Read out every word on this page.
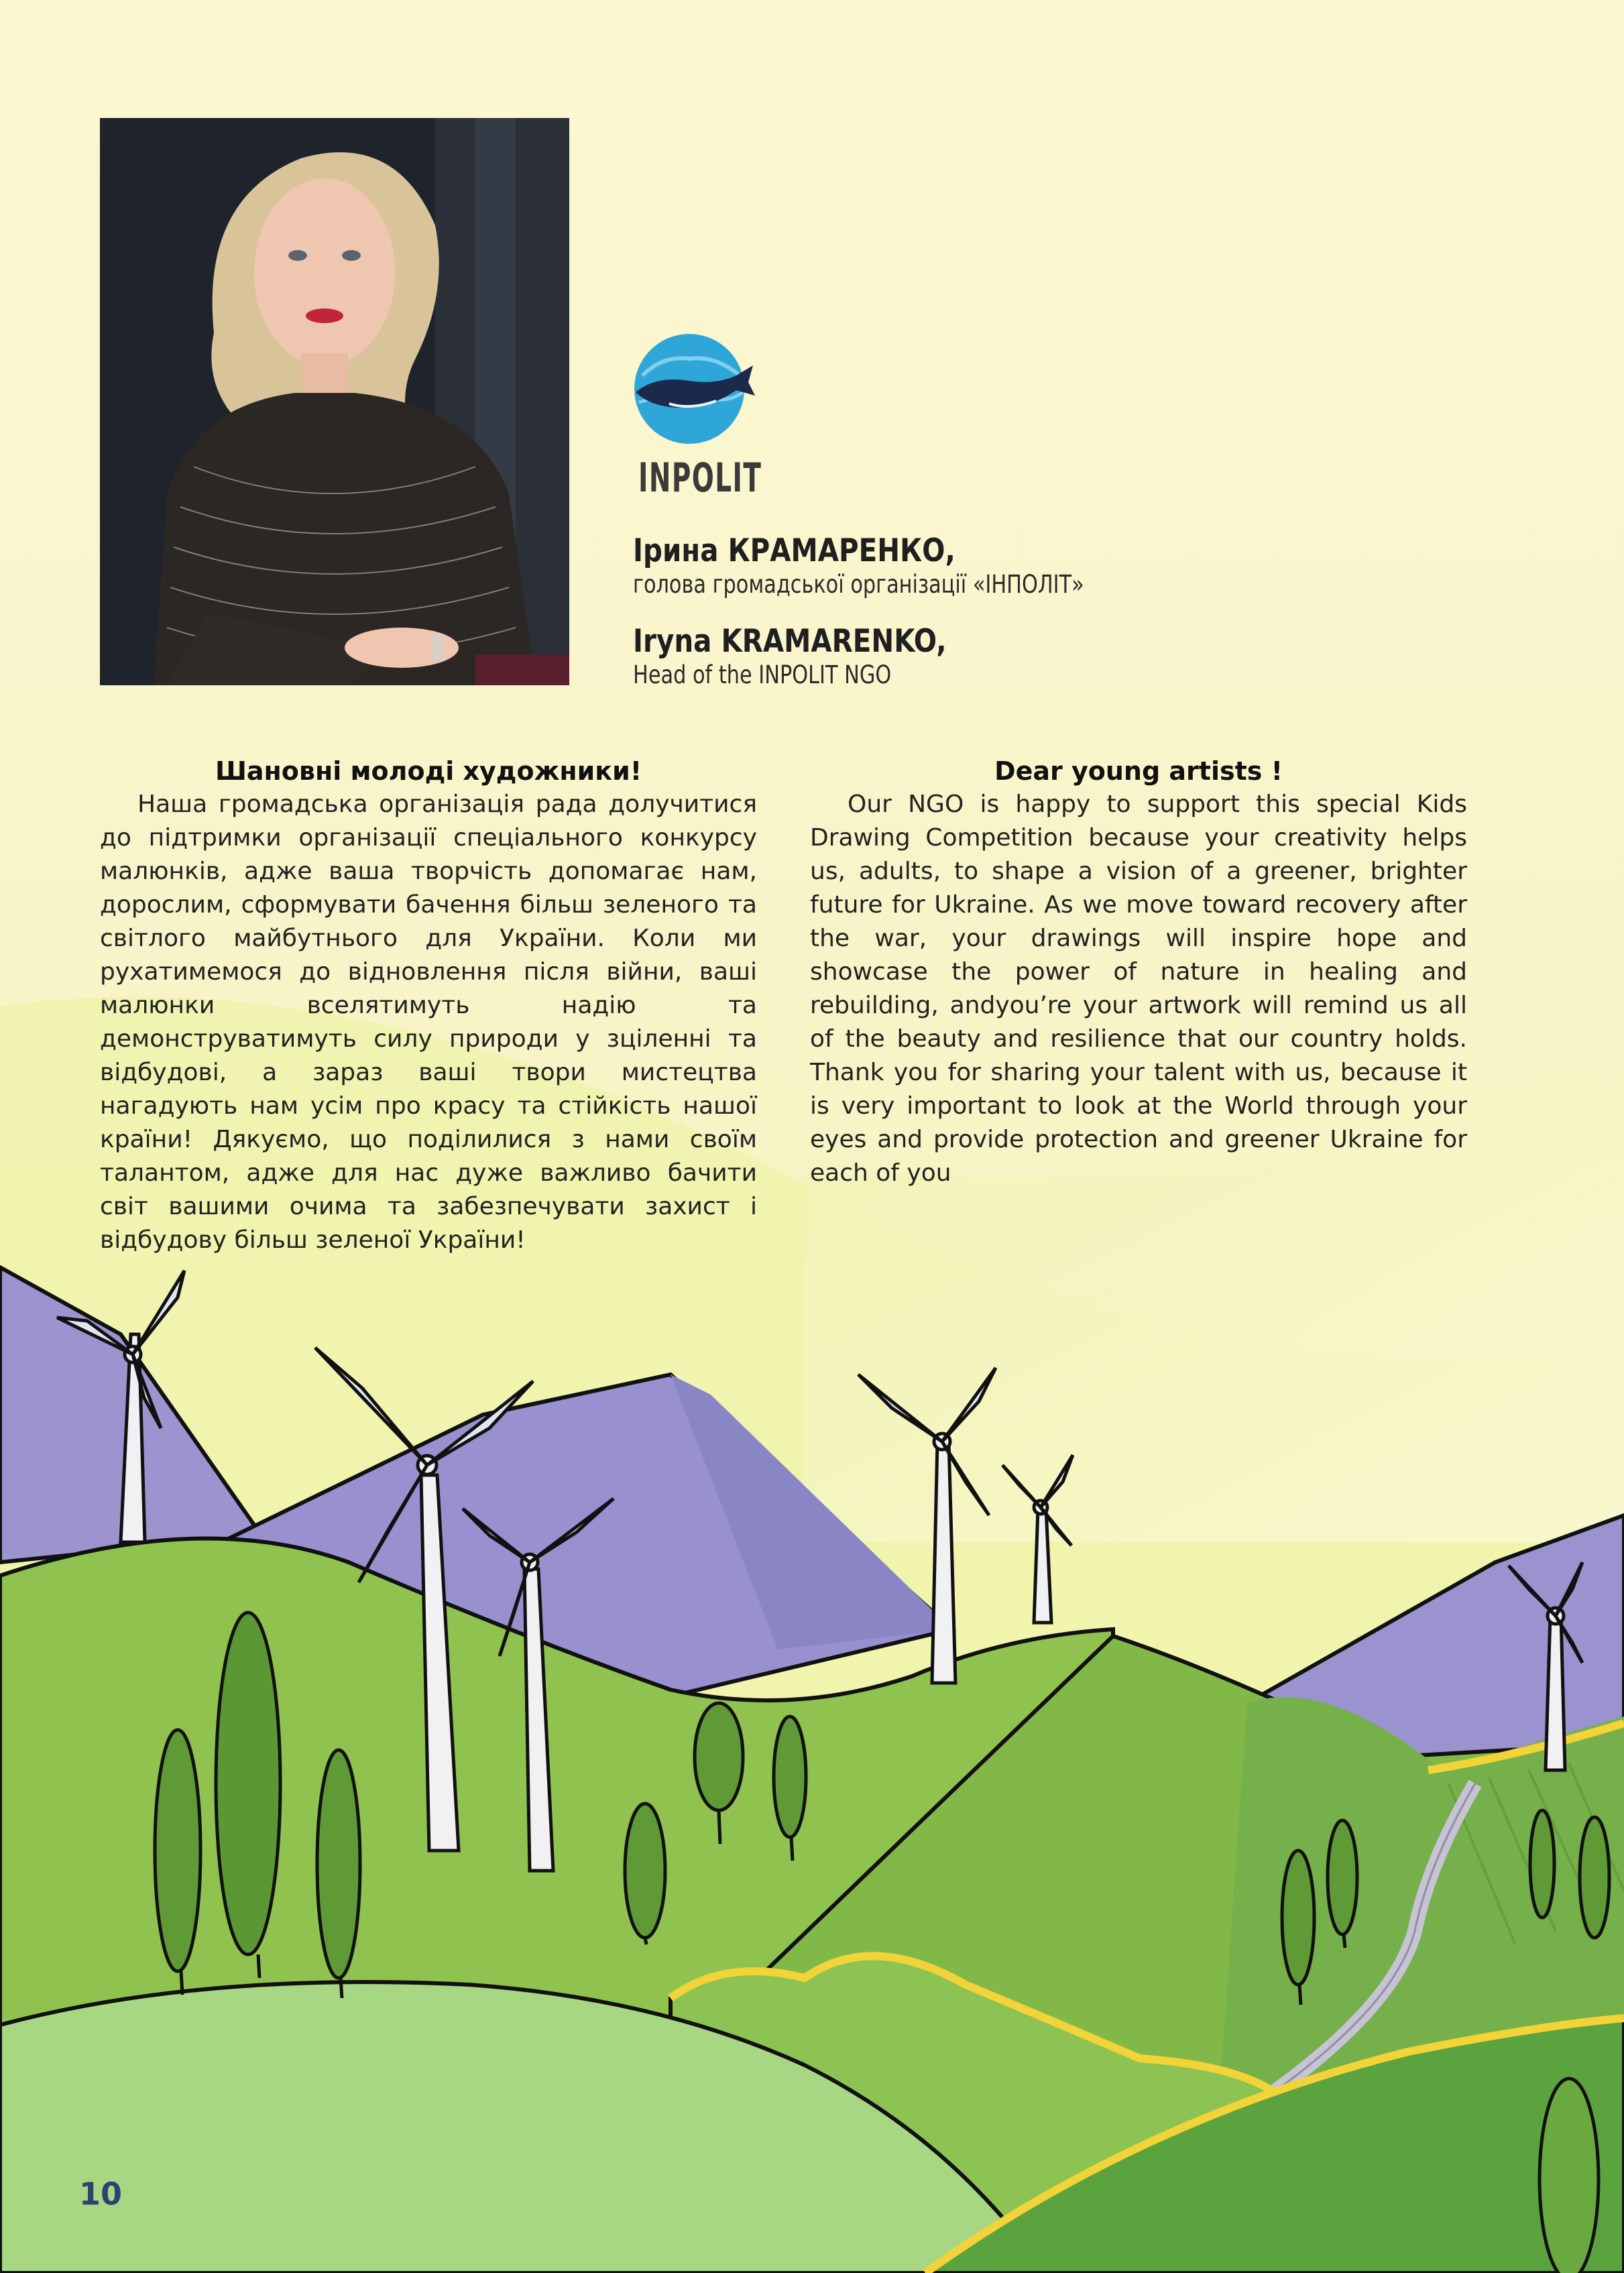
INPOLIT

Ірина КРАМАРЕНКО,

голова громадської організації «ІНПОЛІТ»

Iryna KRAMARENKO,

Head of the INPOLIT NGO

Шановні молоді художники!

Наша громадська організація рада долучитися до підтримки організації спеціального конкурсу малюнків, адже ваша творчість допомагає нам, дорослим, сформувати бачення більш зеленого та світлого майбутнього для України. Коли ми рухатимемося до відновлення після війни, ваші малюнки вселятимуть надію та демонструватимуть силу природи у зціленні та відбудові, а зараз ваші твори мистецтва нагадують нам усім про красу та стійкість нашої країни! Дякуємо, що поділилися з нами своїм талантом, адже для нас дуже важливо бачити світ вашими очима та забезпечувати захист і відбудову більш зеленої України!

Dear young artists !

Our NGO is happy to support this special Kids Drawing Competition because your creativity helps us, adults, to shape a vision of a greener, brighter future for Ukraine. As we move toward recovery after the war, your drawings will inspire hope and showcase the power of nature in healing and rebuilding, andyou’re your artwork will remind us all of the beauty and resilience that our country holds. Thank you for sharing your talent with us, because it is very important to look at the World through your eyes and provide protection and greener Ukraine for each of you

10
